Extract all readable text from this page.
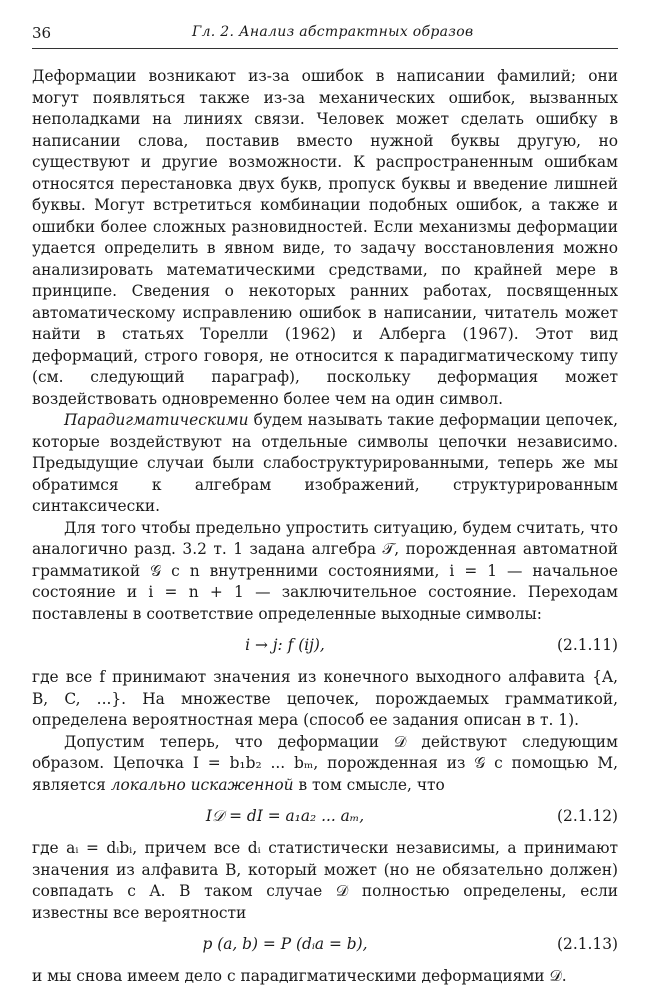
36	Гл. 2. Анализ абстрактных образов

Деформации возникают из-за ошибок в написании фамилий; они могут появляться также из-за механических ошибок, вызванных неполадками на линиях связи. Человек может сделать ошибку в написании слова, поставив вместо нужной буквы другую, но существуют и другие возможности. К распространенным ошибкам относятся перестановка двух букв, пропуск буквы и введение лишней буквы. Могут встретиться комбинации подобных ошибок, а также и ошибки более сложных разновидностей. Если механизмы деформации удается определить в явном виде, то задачу восстановления можно анализировать математическими средствами, по крайней мере в принципе. Сведения о некоторых ранних работах, посвященных автоматическому исправлению ошибок в написании, читатель может найти в статьях Торелли (1962) и Алберга (1967). Этот вид деформаций, строго говоря, не относится к парадигматическому типу (см. следующий параграф), поскольку деформация может воздействовать одновременно более чем на один символ.

Парадигматическими будем называть такие деформации цепочек, которые воздействуют на отдельные символы цепочки независимо. Предыдущие случаи были слабоструктурированными, теперь же мы обратимся к алгебрам изображений, структурированным синтаксически.

Для того чтобы предельно упростить ситуацию, будем считать, что аналогично разд. 3.2 т. 1 задана алгебра 𝒯, порожденная автоматной грамматикой 𝒢 с n внутренними состояниями, i = 1 — начальное состояние и i = n + 1 — заключительное состояние. Переходам поставлены в соответствие определенные выходные символы:

i → j: f (ij),	(2.1.11)

где все f принимают значения из конечного выходного алфавита {A, B, C, ...}. На множестве цепочек, порождаемых грамматикой, определена вероятностная мера (способ ее задания описан в т. 1).

Допустим теперь, что деформации 𝒟 действуют следующим образом. Цепочка I = b₁b₂ ... bₘ, порожденная из 𝒢 с помощью M, является локально искаженной в том смысле, что

I𝒟 = dI = a₁a₂ ... aₘ,	(2.1.12)

где aᵢ = dᵢbᵢ, причем все dᵢ статистически независимы, a принимают значения из алфавита B, который может (но не обязательно должен) совпадать с A. В таком случае 𝒟 полностью определены, если известны все вероятности

p (a, b) = P (dᵢa = b),	(2.1.13)

и мы снова имеем дело с парадигматическими деформациями 𝒟.
